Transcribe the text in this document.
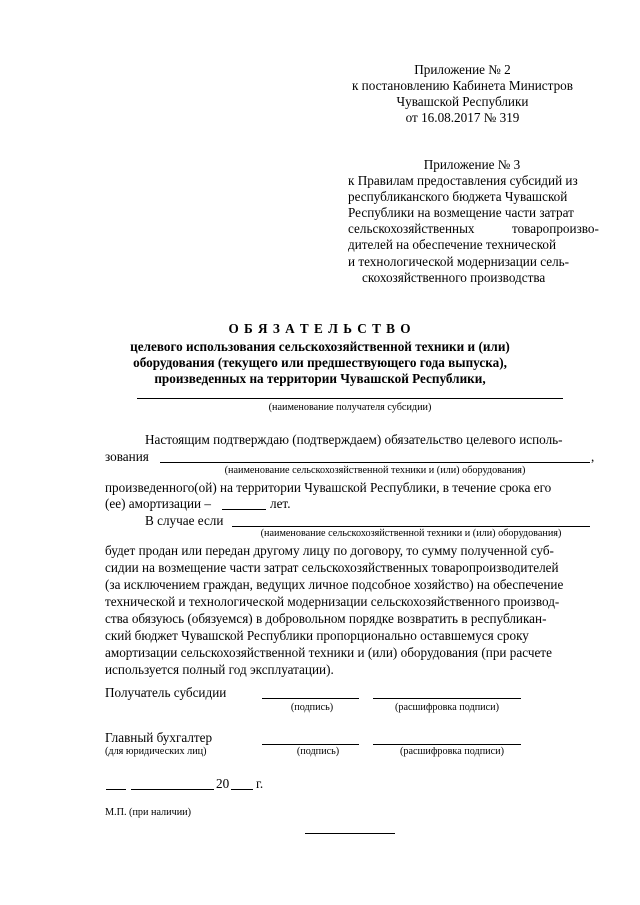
Приложение № 2
к постановлению Кабинета Министров
Чувашской Республики
от 16.08.2017 № 319
Приложение № 3
к Правилам предоставления субсидий из
республиканского бюджета Чувашской
Республики на возмещение части затрат
сельскохозяйственных	товаропроизво-
дителей на обеспечение технической
и технологической модернизации сель-
скохозяйственного производства
О Б Я З А Т Е Л Ь С Т В О
целевого использования сельскохозяйственной техники и (или)
оборудования (текущего или предшествующего года выпуска),
произведенных на территории Чувашской Республики,
(наименование получателя субсидии)
Настоящим подтверждаю (подтверждаем) обязательство целевого исполь-
зования	,
(наименование сельскохозяйственной техники и (или) оборудования)
произведенного(ой) на территории Чувашской Республики, в течение срока его
(ее) амортизации –	лет.
В случае если
(наименование сельскохозяйственной техники и (или) оборудования)
будет продан или передан другому лицу по договору, то сумму полученной суб-
сидии на возмещение части затрат сельскохозяйственных товаропроизводителей
(за исключением граждан, ведущих личное подсобное хозяйство) на обеспечение
технической и технологической модернизации сельскохозяйственного производ-
ства обязуюсь (обязуемся) в добровольном порядке возвратить в республикан-
ский бюджет Чувашской Республики пропорционально оставшемуся сроку
амортизации сельскохозяйственной техники и (или) оборудования (при расчете
используется полный год эксплуатации).
Получатель субсидии
(подпись)	(расшифровка подписи)
Главный бухгалтер
(для юридических лиц)	(подпись)	(расшифровка подписи)
20 г.
М.П. (при наличии)
